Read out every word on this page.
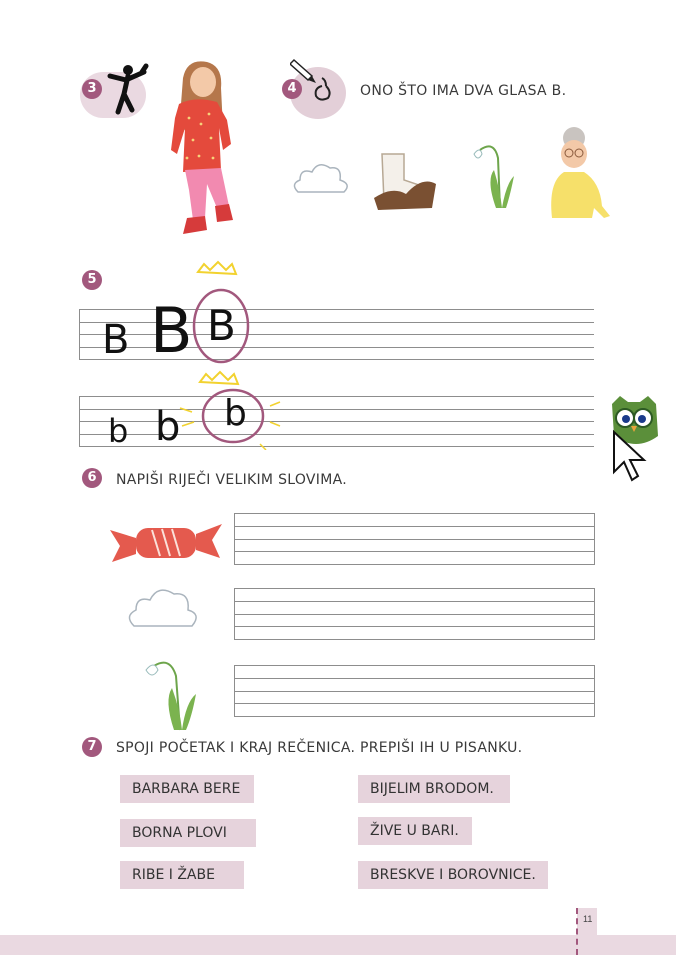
3	4	ONO ŠTO IMA DVA GLASA B.
5
B B B
b b b
6	NAPIŠI RIJEČI VELIKIM SLOVIMA.
7	SPOJI POČETAK I KRAJ REČENICA. PREPIŠI IH U PISANKU.
BARBARA BERE
BORNA PLOVI
RIBE I ŽABE
BIJELIM BRODOM.
ŽIVE U BARI.
BRESKVE I BOROVNICE.
11
